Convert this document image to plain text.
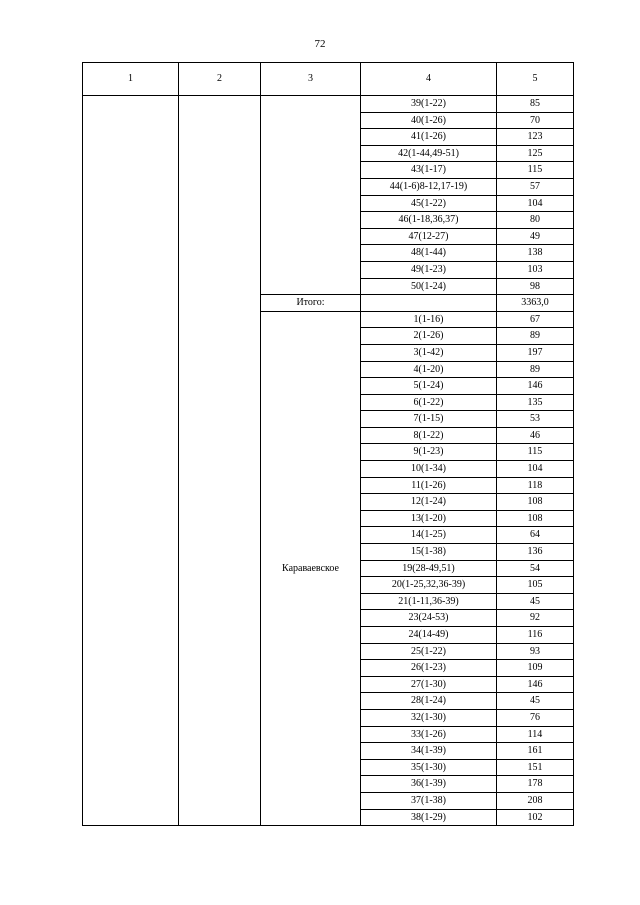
72
1	2	3	4	5
			39(1-22)	85
			40(1-26)	70
			41(1-26)	123
			42(1-44,49-51)	125
			43(1-17)	115
			44(1-6)8-12,17-19)	57
			45(1-22)	104
			46(1-18,36,37)	80
			47(12-27)	49
			48(1-44)	138
			49(1-23)	103
			50(1-24)	98
		Итого:		3363,0
		Караваевское	1(1-16)	67
			2(1-26)	89
			3(1-42)	197
			4(1-20)	89
			5(1-24)	146
			6(1-22)	135
			7(1-15)	53
			8(1-22)	46
			9(1-23)	115
			10(1-34)	104
			11(1-26)	118
			12(1-24)	108
			13(1-20)	108
			14(1-25)	64
			15(1-38)	136
			19(28-49,51)	54
			20(1-25,32,36-39)	105
			21(1-11,36-39)	45
			23(24-53)	92
			24(14-49)	116
			25(1-22)	93
			26(1-23)	109
			27(1-30)	146
			28(1-24)	45
			32(1-30)	76
			33(1-26)	114
			34(1-39)	161
			35(1-30)	151
			36(1-39)	178
			37(1-38)	208
			38(1-29)	102
